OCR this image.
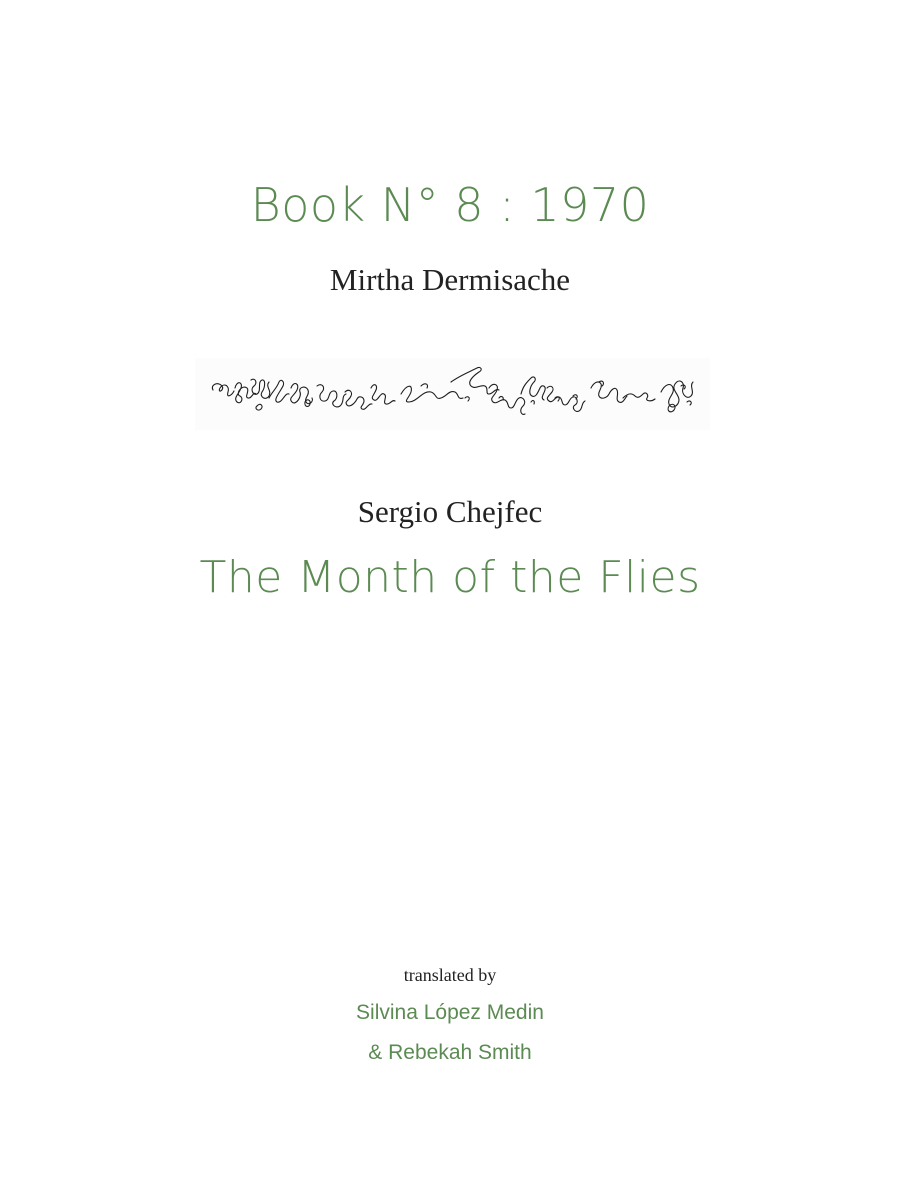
Book N° 8 : 1970
Mirtha Dermisache
Sergio Chejfec
The Month of the Flies
translated by
Silvina López Medin
& Rebekah Smith
